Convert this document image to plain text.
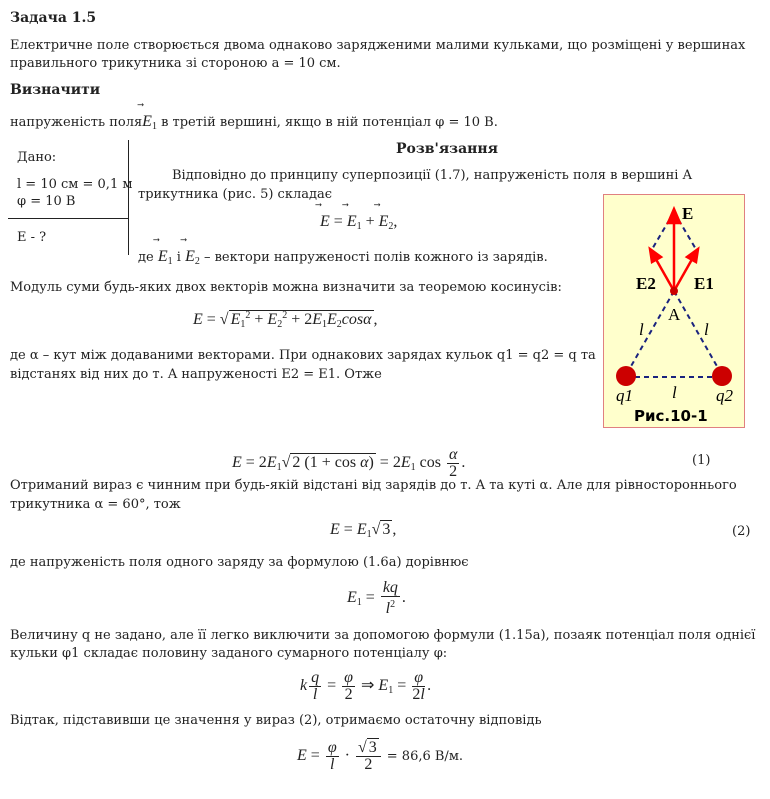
Задача 1.5
Електричне поле створюється двома однаково зарядженими малими кульками, що розміщені у вершинах
правильного трикутника зі стороною a = 10 см.
Визначити
напруженість поля⃗ $E_1$ в третій вершині, якщо в ній потенціал φ = 10 В.
Дано:
l = 10 см = 0,1 м
φ = 10 В
E - ?
Розв'язання
Відповідно до принципу суперпозиції (1.7), напруженість поля в вершині A
трикутника (рис. 5) складає
⃗ E = ⃗ $E_1$ + ⃗ $E_2$,
де ⃗ $E_1$ і ⃗ $E_2$ – вектори напруженості полів кожного із зарядів.
Модуль суми будь-яких двох векторів можна визначити за теоремою косинусів:
E = √ $E_1^2 + E_2^2 + 2E_1E_2\cos\alpha$ ,
де α – кут між додаваними векторами. При однакових зарядах кульок q1 = q2 = q та
відстанях від них до т. A напруженості E2 = E1. Отже
$E = 2E_1√$ 2 $(1 + \cos \alpha) = 2E_1$ $\cos \frac{\alpha}{2}$ .	(1)
Отриманий вираз є чинним при будь-якій відстані від зарядів до т. A та куті α. Але для рівностороннього
трикутника α = 60°, тож
$E = E_1√$ 3 ,	(2)
де напруженість поля одного заряду за формулою (1.6а) дорівнює
$E_1 = \frac{kq}{l^2}$ .
Величину q не задано, але її легко виключити за допомогою формули (1.15а), позаяк потенціал поля однієї
кульки φ1 складає половину заданого сумарного потенціалу φ:
k $\frac{q}{l} = \frac{\varphi}{2}$ ⇒ $E_1 = \frac{\varphi}{2l}$ .
Відтак, підставивши це значення у вираз (2), отримаємо остаточну відповідь
$E = \frac{\varphi}{l} \cdot \frac{√ 3}{2} = 86,6$ В/м.
E
E2 E1
A
l	l
l
q1	q2
Рис.10-1
